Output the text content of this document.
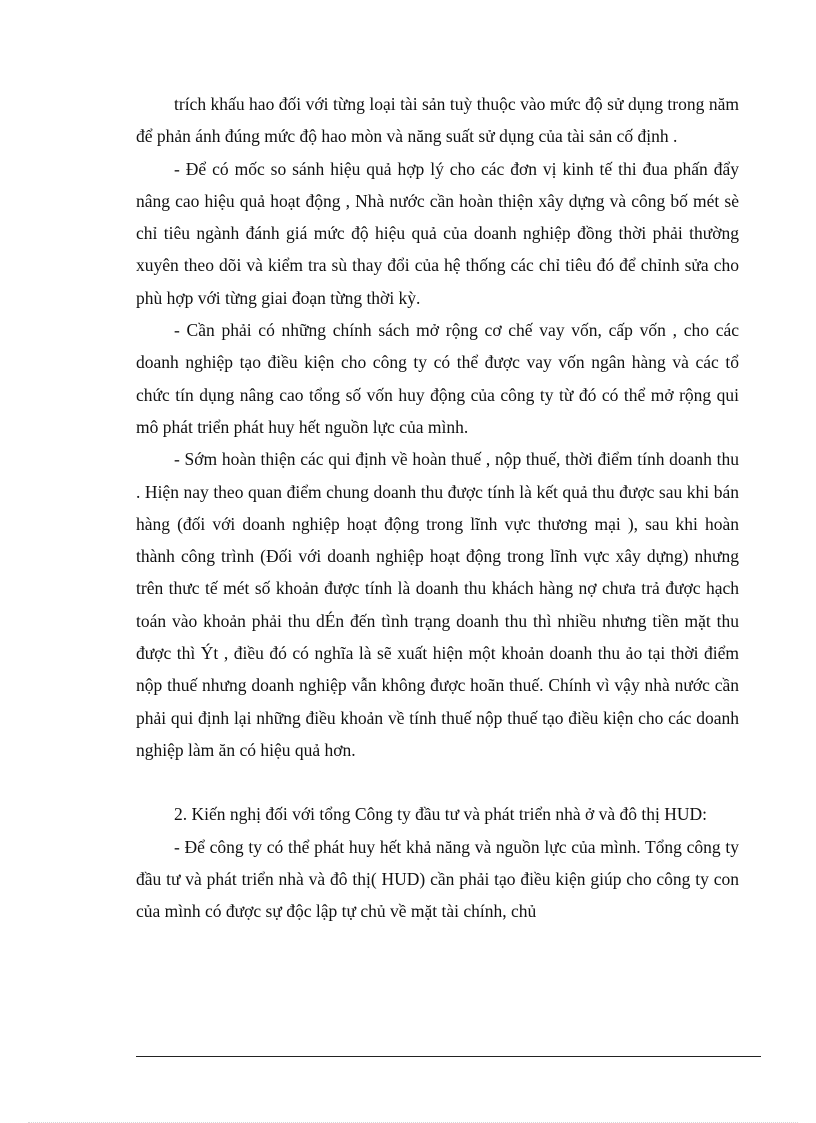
trích khấu hao đối với từng loại tài sản tuỳ thuộc vào mức độ sử dụng trong năm để phản ánh đúng mức độ hao mòn và năng suất sử dụng của tài sản cố định .

- Để có mốc so sánh hiệu quả hợp lý cho các đơn vị kinh tế thi đua phấn đẩy nâng cao hiệu quả hoạt động , Nhà nước cần hoàn thiện xây dựng và công bố mét sè chỉ tiêu ngành đánh giá mức độ hiệu quả của doanh nghiệp đồng thời phải thường xuyên theo dõi và kiểm tra sù thay đổi của hệ thống các chỉ tiêu đó để chỉnh sửa cho phù hợp với từng giai đoạn từng thời kỳ.

- Cần phải có những chính sách mở rộng cơ chế vay vốn, cấp vốn , cho các doanh nghiệp tạo điều kiện cho công ty có thể được vay vốn ngân hàng và các tổ chức tín dụng nâng cao tổng số vốn huy động của công ty từ đó có thể mở rộng qui mô phát triển phát huy hết nguồn lực của mình.

- Sớm hoàn thiện các qui định về hoàn thuế , nộp thuế, thời điểm tính doanh thu . Hiện nay theo quan điểm chung doanh thu được tính là kết quả thu được sau khi bán hàng (đối với doanh nghiệp hoạt động trong lĩnh vực thương mại ), sau khi hoàn thành công trình (Đối với doanh nghiệp hoạt động trong lĩnh vực xây dựng) nhưng trên thưc tế mét số khoản được tính là doanh thu khách hàng nợ chưa trả được hạch toán vào khoản phải thu dÉn đến tình trạng doanh thu thì nhiều nhưng tiền mặt thu được thì Ýt , điều đó có nghĩa là sẽ xuất hiện một khoản doanh thu ảo tại thời điểm nộp thuế nhưng doanh nghiệp vẫn không được hoãn thuế. Chính vì vậy nhà nước cần phải qui định lại những điều khoản về tính thuế nộp thuế tạo điều kiện cho các doanh nghiệp làm ăn có hiệu quả hơn.

2. Kiến nghị đối với tổng Công ty đầu tư và phát triển nhà ở và đô thị HUD:

- Để công ty có thể phát huy hết khả năng và nguồn lực của mình. Tổng công ty đầu tư và phát triển nhà và đô thị( HUD) cần phải tạo điều kiện giúp cho công ty con của mình có được sự độc lập tự chủ về mặt tài chính, chủ
